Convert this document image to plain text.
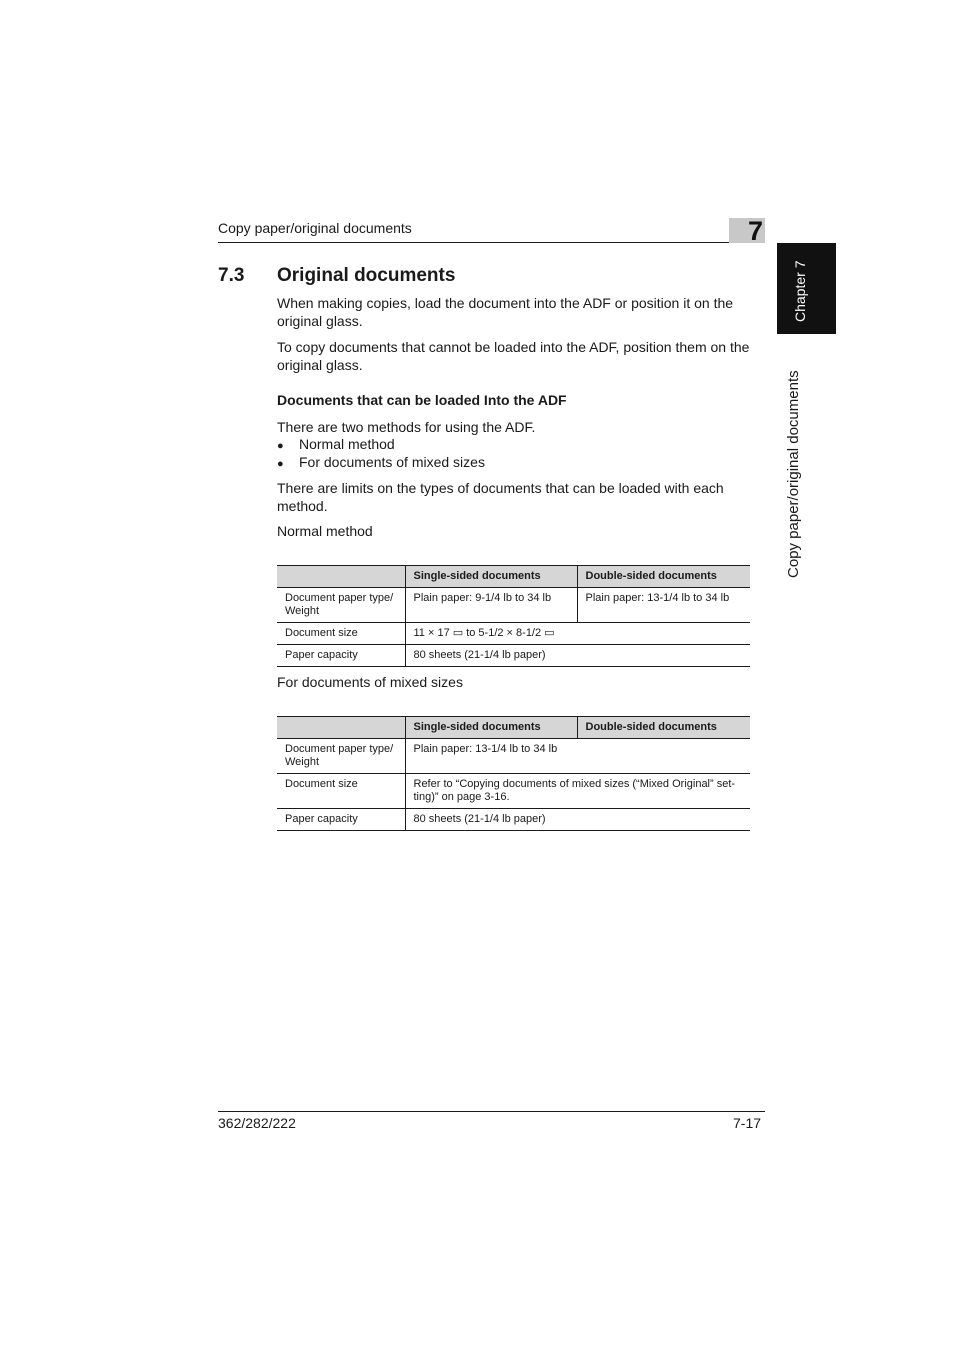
Copy paper/original documents	7
Chapter 7
Copy paper/original documents
7.3 Original documents
When making copies, load the document into the ADF or position it on the original glass.
To copy documents that cannot be loaded into the ADF, position them on the original glass.
Documents that can be loaded Into the ADF
There are two methods for using the ADF.
● Normal method
● For documents of mixed sizes
There are limits on the types of documents that can be loaded with each method.
Normal method
	Single-sided documents	Double-sided documents
Document paper type/ Weight	Plain paper: 9-1/4 lb to 34 lb	Plain paper: 13-1/4 lb to 34 lb
Document size	11 × 17 ▭ to 5-1/2 × 8-1/2 ▭	
Paper capacity	80 sheets (21-1/4 lb paper)	
For documents of mixed sizes
	Single-sided documents	Double-sided documents
Document paper type/ Weight	Plain paper: 13-1/4 lb to 34 lb	
Document size	Refer to “Copying documents of mixed sizes (“Mixed Original” set- ting)” on page 3-16.	
Paper capacity	80 sheets (21-1/4 lb paper)	
362/282/222	7-17
